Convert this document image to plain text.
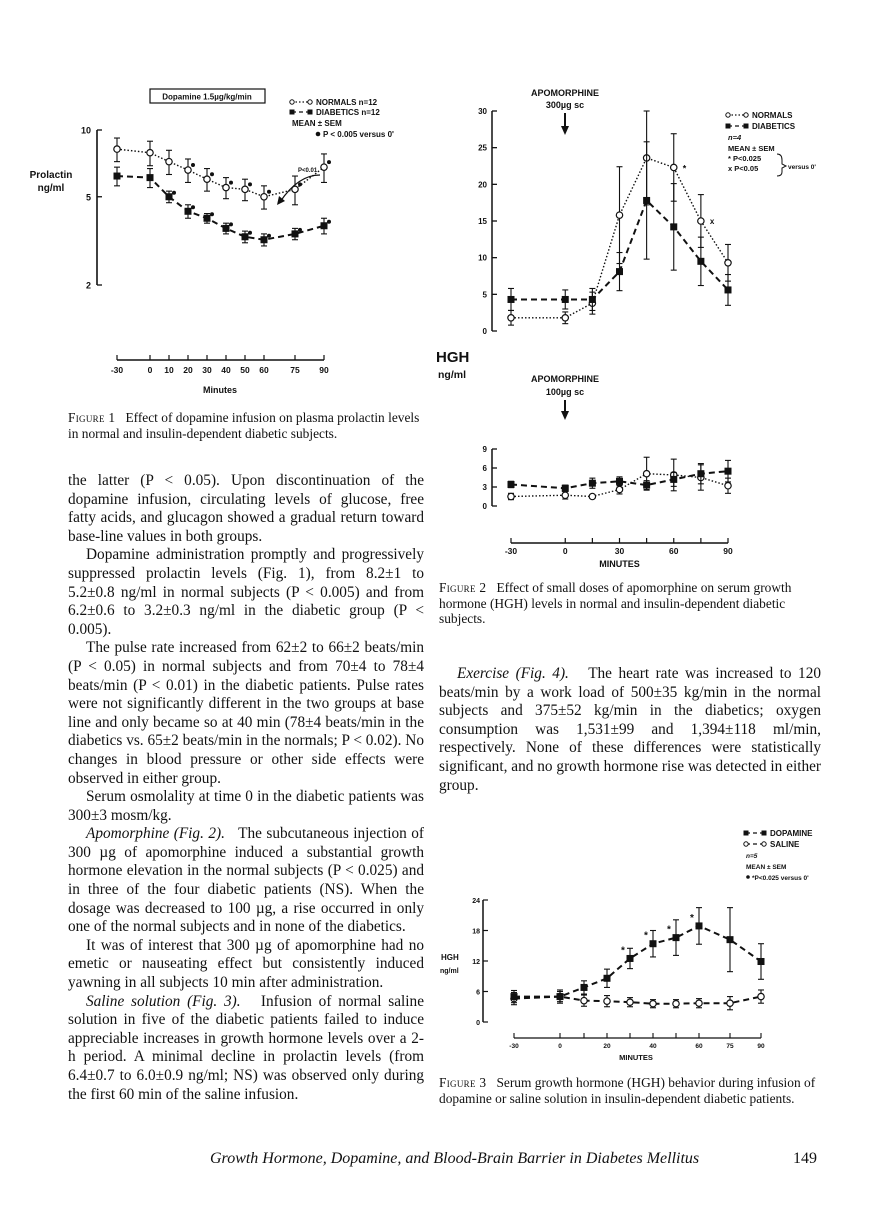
Dopamine 1.5µg/kg/min
NORMALS n=12
DIABETICS n=12
MEAN ± SEM
P < 0.005 versus 0'
2
5
10
Prolactin
ng/ml
P<0.01
-30	0 10 20 30 40 50 60	75 90
Minutes
Figure 1 Effect of dopamine infusion on plasma prolactin levels in normal and insulin-dependent diabetic subjects.

the latter (P < 0.05). Upon discontinuation of the dopamine infusion, circulating levels of glucose, free fatty acids, and glucagon showed a gradual return toward base-line values in both groups.

Dopamine administration promptly and progressively suppressed prolactin levels (Fig. 1), from 8.2±1 to 5.2±0.8 ng/ml in normal subjects (P < 0.005) and from 6.2±0.6 to 3.2±0.3 ng/ml in the diabetic group (P < 0.005).

The pulse rate increased from 62±2 to 66±2 beats/min (P < 0.05) in normal subjects and from 70±4 to 78±4 beats/min (P < 0.01) in the diabetic patients. Pulse rates were not significantly different in the two groups at base line and only became so at 40 min (78±4 beats/min in the diabetics vs. 65±2 beats/min in the normals; P < 0.02). No changes in blood pressure or other side effects were observed in either group.

Serum osmolality at time 0 in the diabetic patients was 300±3 mosm/kg.

Apomorphine (Fig. 2). The subcutaneous injection of 300 µg of apomorphine induced a substantial growth hormone elevation in the normal subjects (P < 0.025) and in three of the four diabetic patients (NS). When the dosage was decreased to 100 µg, a rise occurred in only one of the normal subjects and in none of the diabetics.

It was of interest that 300 µg of apomorphine had no emetic or nauseating effect but consistently induced yawning in all subjects 10 min after administration.

Saline solution (Fig. 3). Infusion of normal saline solution in five of the diabetic patients failed to induce appreciable increases in growth hormone levels over a 2-h period. A minimal decline in prolactin levels (from 6.4±0.7 to 6.0±0.9 ng/ml; NS) was observed only during the first 60 min of the saline infusion.

APOMORPHINE
300µg sc
0
5
10
15
20
25
30
*
x
NORMALS
DIABETICS
n=4
MEAN ± SEM
* P<0.025
x P<0.05	versus 0'
HGH
ng/ml	APOMORPHINE
100µg sc
0
3
6
9
-30	0	30	60	90
MINUTES
Figure 2 Effect of small doses of apomorphine on serum growth hormone (HGH) levels in normal and insulin-dependent diabetic subjects.

Exercise (Fig. 4). The heart rate was increased to 120 beats/min by a work load of 500±35 kg/min in the normal subjects and 375±52 kg/min in the diabetics; oxygen consumption was 1,531±99 and 1,394±118 ml/min, respectively. None of these differences were statistically significant, and no growth hormone rise was detected in either group.

DOPAMINE
SALINE
n=5
MEAN ± SEM
*P<0.025 versus 0'
0
6
12
18
24
HGH
ng/ml
*
*
*
*
-30	0	20	40	60	75	90
MINUTES
Figure 3 Serum growth hormone (HGH) behavior during infusion of dopamine or saline solution in insulin-dependent diabetic patients.
Growth Hormone, Dopamine, and Blood-Brain Barrier in Diabetes Mellitus	149
